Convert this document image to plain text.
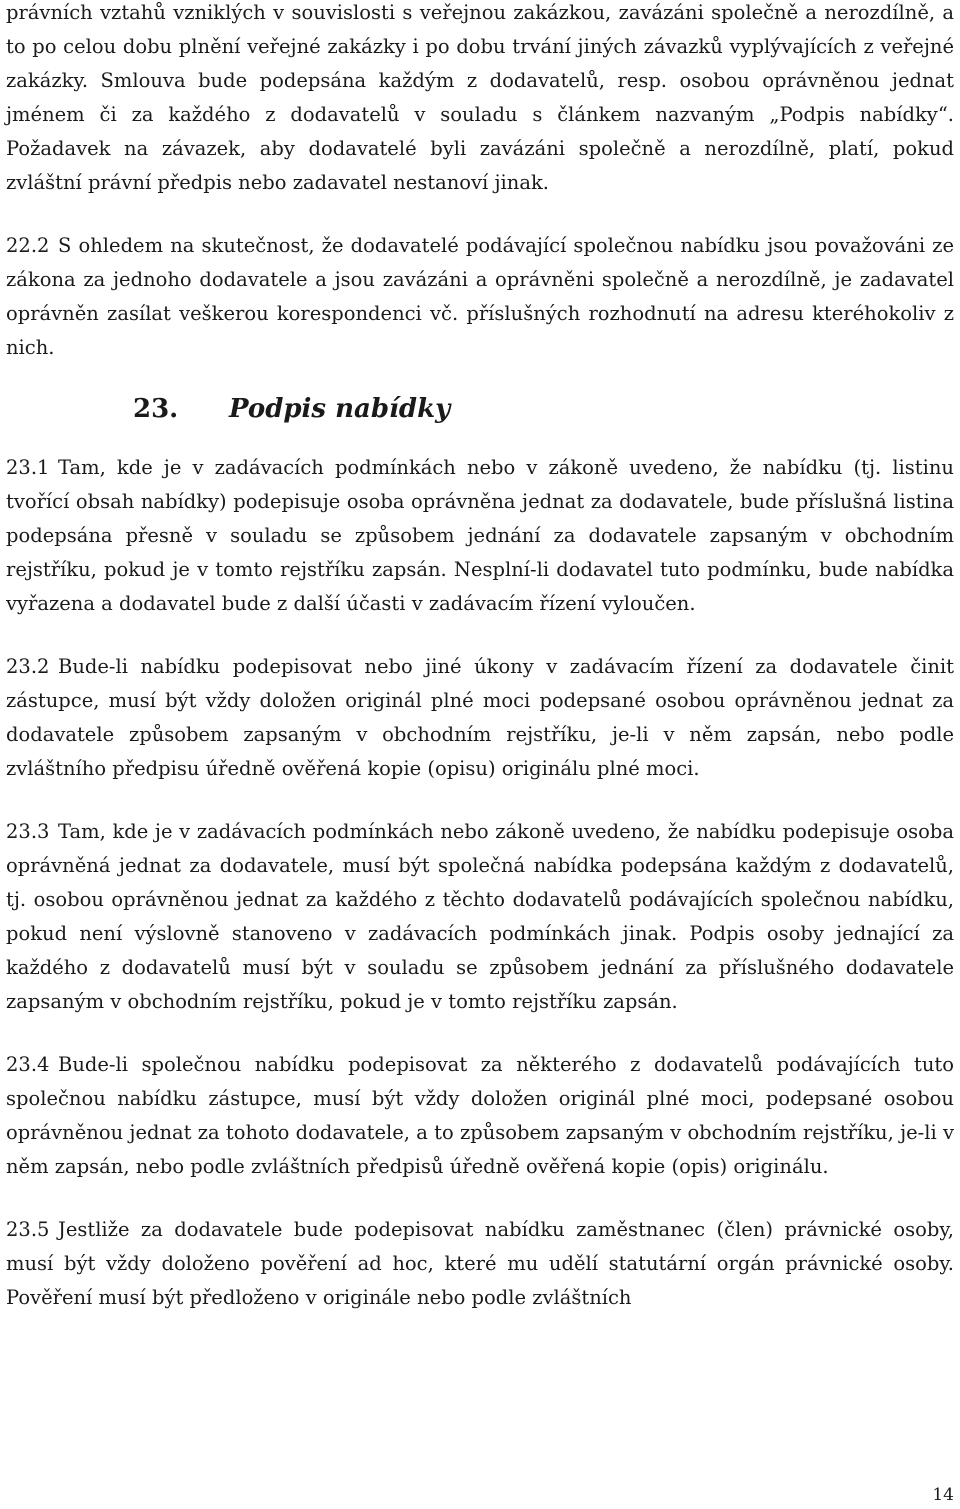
právních vztahů vzniklých v souvislosti s veřejnou zakázkou, zavázáni společně a nerozdílně, a to po celou dobu plnění veřejné zakázky i po dobu trvání jiných závazků vyplývajících z veřejné zakázky. Smlouva bude podepsána každým z dodavatelů, resp. osobou oprávněnou jednat jménem či za každého z dodavatelů v souladu s článkem nazvaným „Podpis nabídky“. Požadavek na závazek, aby dodavatelé byli zavázáni společně a nerozdílně, platí, pokud zvláštní právní předpis nebo zadavatel nestanoví jinak.

22.2 S ohledem na skutečnost, že dodavatelé podávající společnou nabídku jsou považováni ze zákona za jednoho dodavatele a jsou zavázáni a oprávněni společně a nerozdílně, je zadavatel oprávněn zasílat veškerou korespondenci vč. příslušných rozhodnutí na adresu kteréhokoliv z nich.

23. Podpis nabídky

23.1 Tam, kde je v zadávacích podmínkách nebo v zákoně uvedeno, že nabídku (tj. listinu tvořící obsah nabídky) podepisuje osoba oprávněna jednat za dodavatele, bude příslušná listina podepsána přesně v souladu se způsobem jednání za dodavatele zapsaným v obchodním rejstříku, pokud je v tomto rejstříku zapsán. Nesplní-li dodavatel tuto podmínku, bude nabídka vyřazena a dodavatel bude z další účasti v zadávacím řízení vyloučen.

23.2 Bude-li nabídku podepisovat nebo jiné úkony v zadávacím řízení za dodavatele činit zástupce, musí být vždy doložen originál plné moci podepsané osobou oprávněnou jednat za dodavatele způsobem zapsaným v obchodním rejstříku, je-li v něm zapsán, nebo podle zvláštního předpisu úředně ověřená kopie (opisu) originálu plné moci.

23.3 Tam, kde je v zadávacích podmínkách nebo zákoně uvedeno, že nabídku podepisuje osoba oprávněná jednat za dodavatele, musí být společná nabídka podepsána každým z dodavatelů, tj. osobou oprávněnou jednat za každého z těchto dodavatelů podávajících společnou nabídku, pokud není výslovně stanoveno v zadávacích podmínkách jinak. Podpis osoby jednající za každého z dodavatelů musí být v souladu se způsobem jednání za příslušného dodavatele zapsaným v obchodním rejstříku, pokud je v tomto rejstříku zapsán.

23.4 Bude-li společnou nabídku podepisovat za některého z dodavatelů podávajících tuto společnou nabídku zástupce, musí být vždy doložen originál plné moci, podepsané osobou oprávněnou jednat za tohoto dodavatele, a to způsobem zapsaným v obchodním rejstříku, je-li v něm zapsán, nebo podle zvláštních předpisů úředně ověřená kopie (opis) originálu.

23.5 Jestliže za dodavatele bude podepisovat nabídku zaměstnanec (člen) právnické osoby, musí být vždy doloženo pověření ad hoc, které mu udělí statutární orgán právnické osoby. Pověření musí být předloženo v originále nebo podle zvláštních

14
